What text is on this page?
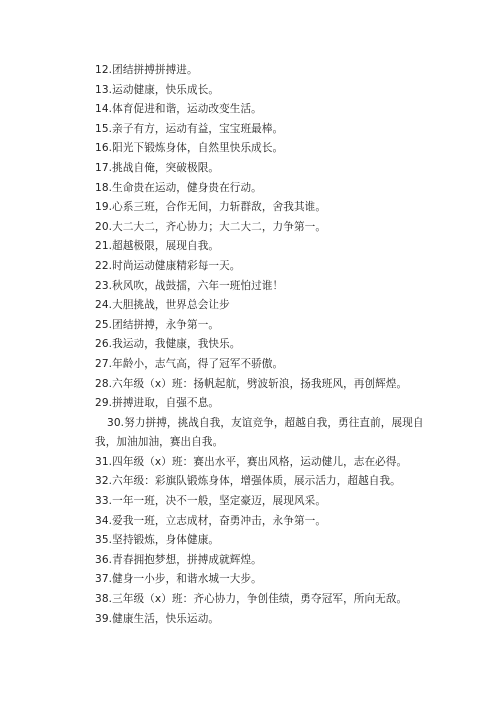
12.团结拼搏拼搏进。
13.运动健康，快乐成长。
14.体育促进和谐，运动改变生活。
15.亲子有方，运动有益，宝宝班最棒。
16.阳光下锻炼身体，自然里快乐成长。
17.挑战自俺，突破极限。
18.生命贵在运动，健身贵在行动。
19.心系三班，合作无间，力斩群敌，舍我其谁。
20.大二大二，齐心协力；大二大二，力争第一。
21.超越极限，展现自我。
22.时尚运动健康精彩每一天。
23.秋风吹，战鼓擂，六年一班怕过谁！
24.大胆挑战，世界总会让步
25.团结拼搏，永争第一。
26.我运动，我健康，我快乐。
27.年龄小，志气高，得了冠军不骄傲。
28.六年级（x）班：扬帆起航，劈波斩浪，扬我班风，再创辉煌。
29.拼搏进取，自强不息。
30.努力拼搏，挑战自我，友谊竞争，超越自我，勇往直前，展现自我，加油加油，赛出自我。
31.四年级（x）班：赛出水平，赛出风格，运动健儿，志在必得。
32.六年级：彩旗队锻炼身体，增强体质，展示活力，超越自我。
33.一年一班，决不一般，坚定豪迈，展现风采。
34.爱我一班，立志成材，奋勇冲击，永争第一。
35.坚持锻炼，身体健康。
36.青春拥抱梦想，拼搏成就辉煌。
37.健身一小步，和谐水城一大步。
38.三年级（x）班：齐心协力，争创佳绩，勇夺冠军，所向无敌。
39.健康生活，快乐运动。
